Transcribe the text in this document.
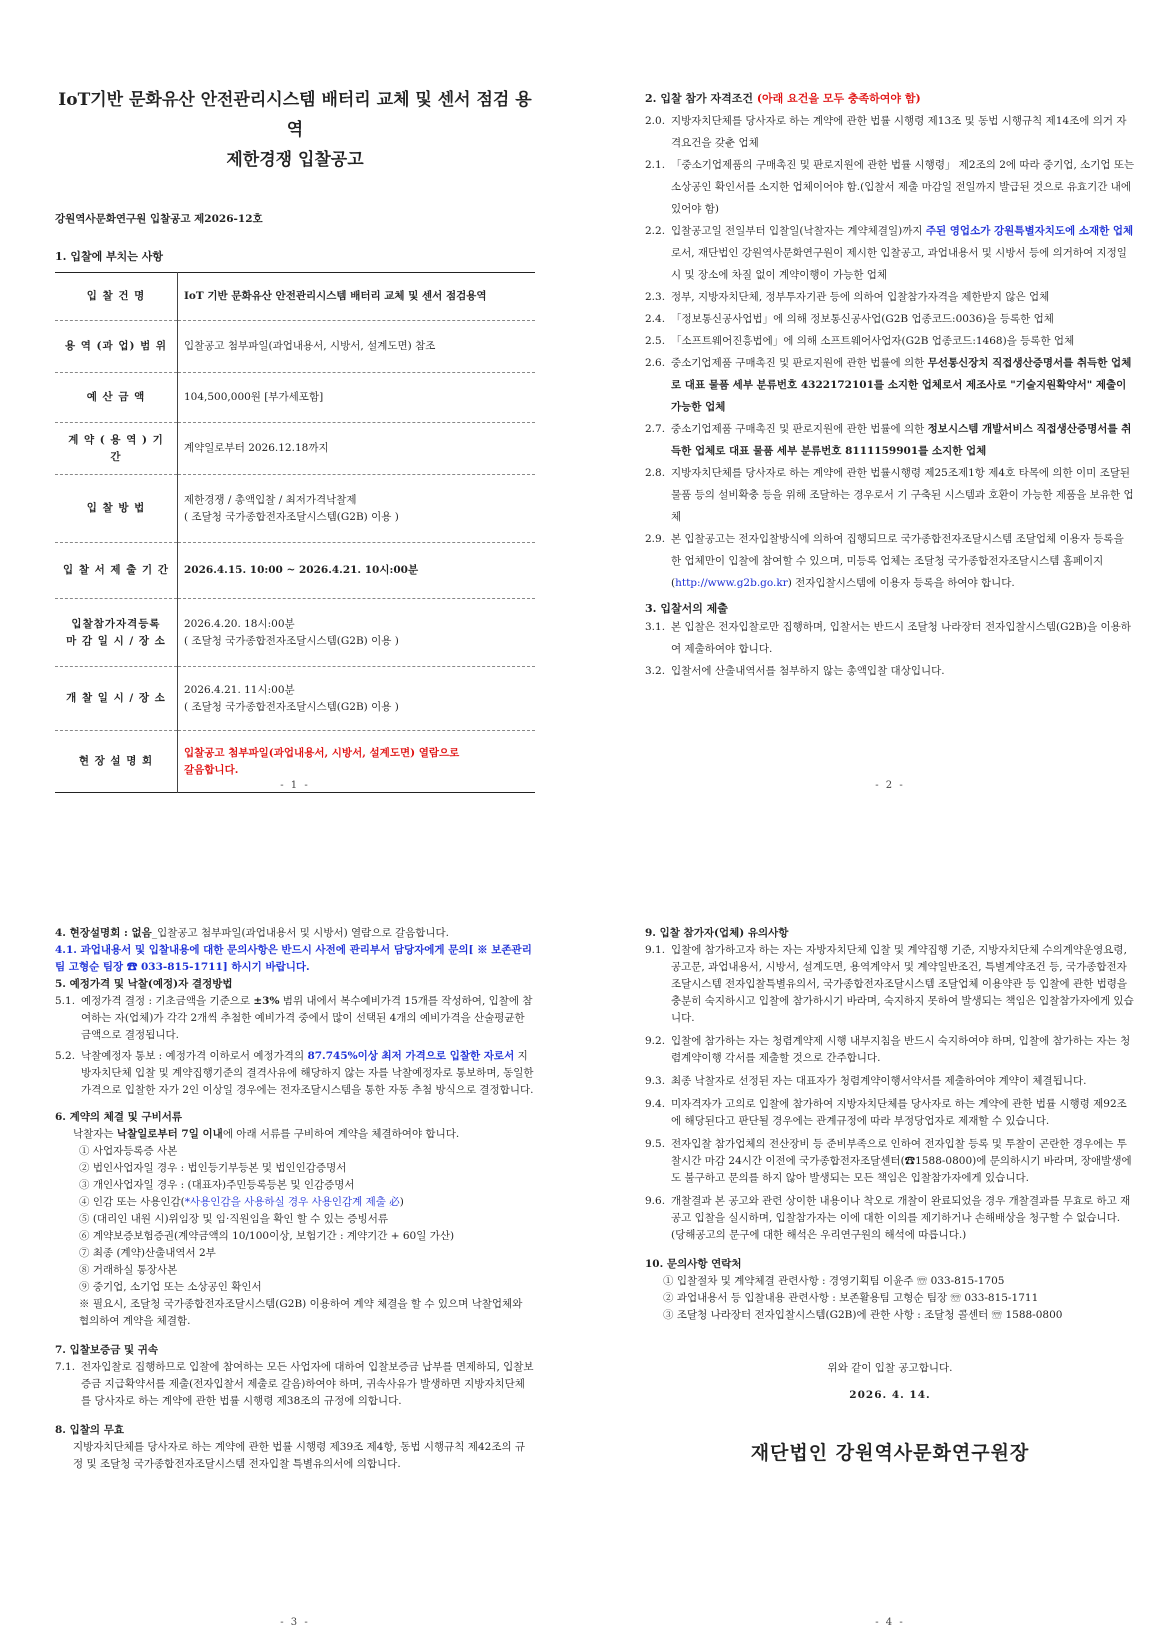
IoT기반 문화유산 안전관리시스템 배터리 교체 및 센서 점검 용역

제한경쟁 입찰공고

강원역사문화연구원 입찰공고 제2026-12호
1. 입찰에 부치는 사항
입 찰 건 명	IoT 기반 문화유산 안전관리시스템 배터리 교체 및 센서 점검용역
용 역 (과 업) 범 위	입찰공고 첨부파일(과업내용서, 시방서, 설계도면) 참조
예 산 금 액	104,500,000원 [부가세포함]
계 약 ( 용 역 ) 기 간	계약일로부터 2026.12.18까지
입 찰 방 법	제한경쟁 / 총액입찰 / 최저가격낙찰제
( 조달청 국가종합전자조달시스템(G2B) 이용 )
입 찰 서 제 출 기 간	2026.4.15. 10:00 ~ 2026.4.21. 10시:00분
입찰참가자격등록
마 감 일 시 / 장 소	2026.4.20. 18시:00분
( 조달청 국가종합전자조달시스템(G2B) 이용 )
개 찰 일 시 / 장 소	2026.4.21. 11시:00분
( 조달청 국가종합전자조달시스템(G2B) 이용 )
현 장 설 명 회	입찰공고 첨부파일(과업내용서, 시방서, 설계도면) 열람으로
갈음합니다.
- 1 -
2. 입찰 참가 자격조건 (아래 요건을 모두 충족하여야 함)
2.0. 지방자치단체를 당사자로 하는 계약에 관한 법률 시행령 제13조 및 동법 시행규칙 제14조에 의거 자격요건을 갖춘 업체
2.1. 「중소기업제품의 구매촉진 및 판로지원에 관한 법률 시행령」 제2조의 2에 따라 중기업, 소기업 또는 소상공인 확인서를 소지한 업체이어야 함.(입찰서 제출 마감일 전일까지 발급된 것으로 유효기간 내에 있어야 함)
2.2. 입찰공고일 전일부터 입찰일(낙찰자는 계약체결일)까지 주된 영업소가 강원특별자치도에 소재한 업체로서, 재단법인 강원역사문화연구원이 제시한 입찰공고, 과업내용서 및 시방서 등에 의거하여 지정일시 및 장소에 차질 없이 계약이행이 가능한 업체
2.3. 정부, 지방자치단체, 정부투자기관 등에 의하여 입찰참가자격을 제한받지 않은 업체
2.4. 「정보통신공사업법」에 의해 정보통신공사업(G2B 업종코드:0036)을 등록한 업체
2.5. 「소프트웨어진흥법에」에 의해 소프트웨어사업자(G2B 업종코드:1468)을 등록한 업체
2.6. 중소기업제품 구매촉진 및 판로지원에 관한 법률에 의한 무선통신장치 직접생산증명서를 취득한 업체로 대표 물품 세부 분류번호 4322172101를 소지한 업체로서 제조사로 "기술지원확약서" 제출이 가능한 업체
2.7. 중소기업제품 구매촉진 및 판로지원에 관한 법률에 의한 정보시스템 개발서비스 직접생산증명서를 취득한 업체로 대표 물품 세부 분류번호 8111159901를 소지한 업체
2.8. 지방자치단체를 당사자로 하는 계약에 관한 법률시행령 제25조제1항 제4호 타목에 의한 이미 조달된 물품 등의 설비확충 등을 위해 조달하는 경우로서 기 구축된 시스템과 호환이 가능한 제품을 보유한 업체
2.9. 본 입찰공고는 전자입찰방식에 의하여 집행되므로 국가종합전자조달시스템 조달업체 이용자 등록을 한 업체만이 입찰에 참여할 수 있으며, 미등록 업체는 조달청 국가종합전자조달시스템 홈페이지(http://www.g2b.go.kr) 전자입찰시스템에 이용자 등록을 하여야 합니다.
3. 입찰서의 제출
3.1. 본 입찰은 전자입찰로만 집행하며, 입찰서는 반드시 조달청 나라장터 전자입찰시스템(G2B)을 이용하여 제출하여야 합니다.
3.2. 입찰서에 산출내역서를 첨부하지 않는 총액입찰 대상입니다.
- 2 -
4. 현장설명회 : 없음_입찰공고 첨부파일(과업내용서 및 시방서) 열람으로 갈음합니다.
4.1. 과업내용서 및 입찰내용에 대한 문의사항은 반드시 사전에 관리부서 담당자에게 문의[ ※ 보존관리팀 고형순 팀장 ☎ 033-815-1711] 하시기 바랍니다.
5. 예정가격 및 낙찰(예정)자 결정방법
5.1. 예정가격 결정 : 기초금액을 기준으로 ±3% 범위 내에서 복수예비가격 15개를 작성하여, 입찰에 참여하는 자(업체)가 각각 2개씩 추첨한 예비가격 중에서 많이 선택된 4개의 예비가격을 산술평균한 금액으로 결정됩니다.
5.2. 낙찰예정자 통보 : 예정가격 이하로서 예정가격의 87.745%이상 최저 가격으로 입찰한 자로서 지방자치단체 입찰 및 계약집행기준의 결격사유에 해당하지 않는 자를 낙찰예정자로 통보하며, 동일한 가격으로 입찰한 자가 2인 이상일 경우에는 전자조달시스템을 통한 자동 추첨 방식으로 결정합니다.
6. 계약의 체결 및 구비서류
낙찰자는 낙찰일로부터 7일 이내에 아래 서류를 구비하여 계약을 체결하여야 합니다.
① 사업자등록증 사본
② 법인사업자일 경우 : 법인등기부등본 및 법인인감증명서
③ 개인사업자일 경우 : (대표자)주민등록등본 및 인감증명서
④ 인감 또는 사용인감(*사용인감을 사용하실 경우 사용인감계 제출 必)
⑤ (대리인 내원 시)위임장 및 임·직원임을 확인 할 수 있는 증빙서류
⑥ 계약보증보험증권(계약금액의 10/100이상, 보험기간 : 계약기간 + 60일 가산)
⑦ 최종 (계약)산출내역서 2부
⑧ 거래하실 통장사본
⑨ 중기업, 소기업 또는 소상공인 확인서
※ 필요시, 조달청 국가종합전자조달시스템(G2B) 이용하여 계약 체결을 할 수 있으며 낙찰업체와 협의하여 계약을 체결함.
7. 입찰보증금 및 귀속
7.1. 전자입찰로 집행하므로 입찰에 참여하는 모든 사업자에 대하여 입찰보증금 납부를 면제하되, 입찰보증금 지급확약서를 제출(전자입찰서 제출로 갈음)하여야 하며, 귀속사유가 발생하면 지방자치단체를 당사자로 하는 계약에 관한 법률 시행령 제38조의 규정에 의합니다.
8. 입찰의 무효
지방자치단체를 당사자로 하는 계약에 관한 법률 시행령 제39조 제4항, 동법 시행규칙 제42조의 규정 및 조달청 국가종합전자조달시스템 전자입찰 특별유의서에 의합니다.
- 3 -
9. 입찰 참가자(업체) 유의사항
9.1. 입찰에 참가하고자 하는 자는 자방자치단체 입찰 및 계약집행 기준, 지방자치단체 수의계약운영요령, 공고문, 과업내용서, 시방서, 설계도면, 용역계약서 및 계약일반조건, 특별계약조건 등, 국가종합전자조달시스템 전자입찰특별유의서, 국가종합전자조달시스템 조달업체 이용약관 등 입찰에 관한 법령을 충분히 숙지하시고 입찰에 참가하시기 바라며, 숙지하지 못하여 발생되는 책임은 입찰참가자에게 있습니다.
9.2. 입찰에 참가하는 자는 청렴계약제 시행 내부지침을 반드시 숙지하여야 하며, 입찰에 참가하는 자는 청렴계약이행 각서를 제출할 것으로 간주합니다.
9.3. 최종 낙찰자로 선정된 자는 대표자가 청렴계약이행서약서를 제출하여야 계약이 체결됩니다.
9.4. 미자격자가 고의로 입찰에 참가하여 지방자치단체를 당사자로 하는 계약에 관한 법률 시행령 제92조에 해당된다고 판단될 경우에는 관계규정에 따라 부정당업자로 제재할 수 있습니다.
9.5. 전자입찰 참가업체의 전산장비 등 준비부족으로 인하여 전자입찰 등록 및 투찰이 곤란한 경우에는 투찰시간 마감 24시간 이전에 국가종합전자조달센터(☎1588-0800)에 문의하시기 바라며, 장애발생에도 불구하고 문의를 하지 않아 발생되는 모든 책임은 입찰참가자에게 있습니다.
9.6. 개찰결과 본 공고와 관련 상이한 내용이나 착오로 개찰이 완료되었을 경우 개찰결과를 무효로 하고 재공고 입찰을 실시하며, 입찰참가자는 이에 대한 이의를 제기하거나 손해배상을 청구할 수 없습니다. (당해공고의 문구에 대한 해석은 우리연구원의 해석에 따릅니다.)
10. 문의사항 연락처
① 입찰절차 및 계약체결 관련사항 : 경영기획팀 이윤주 ☏ 033-815-1705
② 과업내용서 등 입찰내용 관련사항 : 보존활용팀 고형순 팀장 ☏ 033-815-1711
③ 조달청 나라장터 전자입찰시스템(G2B)에 관한 사항 : 조달청 콜센터 ☏ 1588-0800
위와 같이 입찰 공고합니다.
2026. 4. 14.
재단법인 강원역사문화연구원장
- 4 -
